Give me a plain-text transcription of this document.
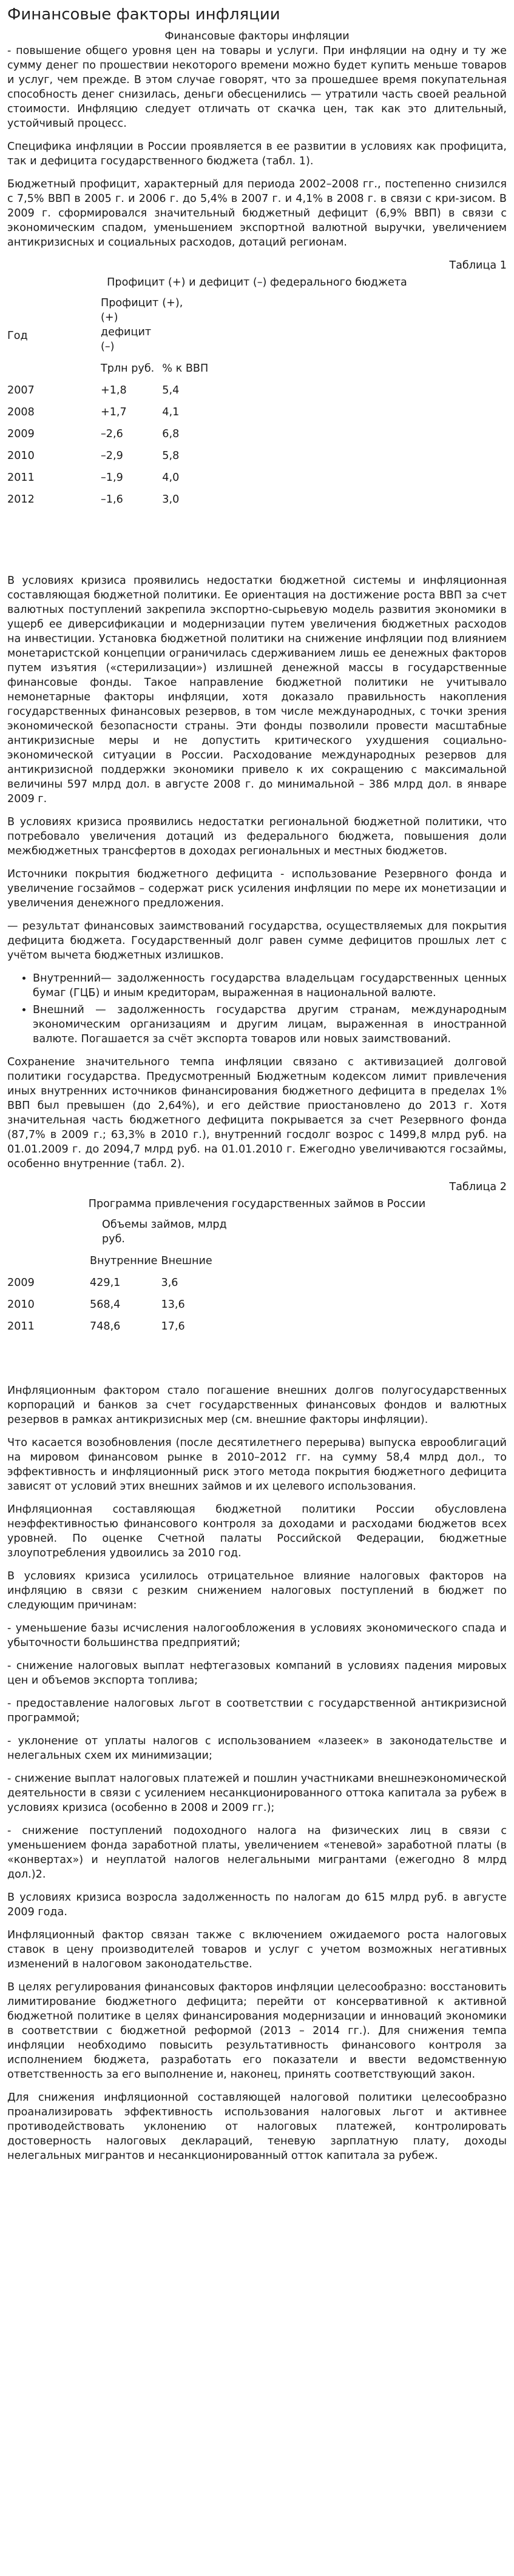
Финансовые факторы инфляции
Финансовые факторы инфляции

- повышение общего уровня цен на товары и услуги. При инфляции на одну и ту же сумму денег по прошествии некоторого времени можно будет купить меньше товаров и услуг, чем прежде. В этом случае говорят, что за прошедшее время покупательная способность денег снизилась, деньги обесценились — утратили часть своей реальной стоимости. Инфляцию следует отличать от скачка цен, так как это длительный, устойчивый процесс.

Специфика инфляции в России проявляется в ее развитии в условиях как профицита, так и дефицита государственного бюджета (табл. 1).

Бюджетный профицит, характерный для периода 2002–2008 гг., постепенно снизился с 7,5% ВВП в 2005 г. и 2006 г. до 5,4% в 2007 г. и 4,1% в 2008 г. в связи с кри-зисом. В 2009 г. сформировался значительный бюджетный дефицит (6,9% ВВП) в связи с экономическим спадом, уменьшением экспортной валютной выручки, увеличением антикризисных и социальных расходов, дотаций регионам.

Таблица 1
Профицит (+) и дефицит (–) федерального бюджета
Год	Профицит (+) дефицит (–)	(+),
	Трлн руб.	% к ВВП
2007	+1,8	5,4
2008	+1,7	4,1
2009	–2,6	6,8
2010	–2,9	5,8
2011	–1,9	4,0
2012	–1,6	3,0

В условиях кризиса проявились недостатки бюджетной системы и инфляционная составляющая бюджетной политики. Ее ориентация на достижение роста ВВП за счет валютных поступлений закрепила экспортно-сырьевую модель развития экономики в ущерб ее диверсификации и модернизации путем увеличения бюджетных расходов на инвестиции. Установка бюджетной политики на снижение инфляции под влиянием монетаристской концепции ограничилась сдерживанием лишь ее денежных факторов путем изъятия («стерилизации») излишней денежной массы в государственные финансовые фонды. Такое направление бюджетной политики не учитывало немонетарные факторы инфляции, хотя доказало правильность накопления государственных финансовых резервов, в том числе международных, с точки зрения экономической безопасности страны. Эти фонды позволили провести масштабные антикризисные меры и не допустить критического ухудшения социально-экономической ситуации в России. Расходование международных резервов для антикризисной поддержки экономики привело к их сокращению с максимальной величины 597 млрд дол. в августе 2008 г. до минимальной – 386 млрд дол. в январе 2009 г.

В условиях кризиса проявились недостатки региональной бюджетной политики, что потребовало увеличения дотаций из федерального бюджета, повышения доли межбюджетных трансфертов в доходах региональных и местных бюджетов.

Источники покрытия бюджетного дефицита - использование Резервного фонда и увеличение госзаймов – содержат риск усиления инфляции по мере их монетизации и увеличения денежного предложения.

— результат финансовых заимствований государства, осуществляемых для покрытия дефицита бюджета. Государственный долг равен сумме дефицитов прошлых лет с учётом вычета бюджетных излишков.

• Внутренний— задолженность государства владельцам государственных ценных бумаг (ГЦБ) и иным кредиторам, выраженная в национальной валюте.
• Внешний — задолженность государства другим странам, международным экономическим организациям и другим лицам, выраженная в иностранной валюте. Погашается за счёт экспорта товаров или новых заимствований.

Сохранение значительного темпа инфляции связано с активизацией долговой политики государства. Предусмотренный Бюджетным кодексом лимит привлечения иных внутренних источников финансирования бюджетного дефицита в пределах 1% ВВП был превышен (до 2,64%), и его действие приостановлено до 2013 г. Хотя значительная часть бюджетного дефицита покрывается за счет Резервного фонда (87,7% в 2009 г.; 63,3% в 2010 г.), внутренний госдолг возрос с 1499,8 млрд руб. на 01.01.2009 г. до 2094,7 млрд руб. на 01.01.2010 г. Ежегодно увеличиваются госзаймы, особенно внутренние (табл. 2).

Таблица 2
Программа привлечения государственных займов в России
	Объемы займов, млрд руб.	
	Внутренние	Внешние
2009	429,1	3,6
2010	568,4	13,6
2011	748,6	17,6

Инфляционным фактором стало погашение внешних долгов полугосударственных корпораций и банков за счет государственных финансовых фондов и валютных резервов в рамках антикризисных мер (см. внешние факторы инфляции).

Что касается возобновления (после десятилетнего перерыва) выпуска еврооблигаций на мировом финансовом рынке в 2010–2012 гг. на сумму 58,4 млрд дол., то эффективность и инфляционный риск этого метода покрытия бюджетного дефицита зависят от условий этих внешних займов и их целевого использования.

Инфляционная составляющая бюджетной политики России обусловлена неэффективностью финансового контроля за доходами и расходами бюджетов всех уровней. По оценке Счетной палаты Российской Федерации, бюджетные злоупотребления удвоились за 2010 год.

В условиях кризиса усилилось отрицательное влияние налоговых факторов на инфляцию в связи с резким снижением налоговых поступлений в бюджет по следующим причинам:

- уменьшение базы исчисления налогообложения в условиях экономического спада и убыточности большинства предприятий;

- снижение налоговых выплат нефтегазовых компаний в условиях падения мировых цен и объемов экспорта топлива;

- предоставление налоговых льгот в соответствии с государственной антикризисной программой;

- уклонение от уплаты налогов с использованием «лазеек» в законодательстве и нелегальных схем их минимизации;

- снижение выплат налоговых платежей и пошлин участниками внешнеэкономической деятельности в связи с усилением несанкционированного оттока капитала за рубеж в условиях кризиса (особенно в 2008 и 2009 гг.);

- снижение поступлений подоходного налога на физических лиц в связи с уменьшением фонда заработной платы, увеличением «теневой» заработной платы (в «конвертах») и неуплатой налогов нелегальными мигрантами (ежегодно 8 млрд дол.)2.

В условиях кризиса возросла задолженность по налогам до 615 млрд руб. в августе 2009 года.

Инфляционный фактор связан также с включением ожидаемого роста налоговых ставок в цену производителей товаров и услуг с учетом возможных негативных изменений в налоговом законодательстве.

В целях регулирования финансовых факторов инфляции целесообразно: восстановить лимитирование бюджетного дефицита; перейти от консервативной к активной бюджетной политике в целях финансирования модернизации и инноваций экономики в соответствии с бюджетной реформой (2013 – 2014 гг.). Для снижения темпа инфляции необходимо повысить результативность финансового контроля за исполнением бюджета, разработать его показатели и ввести ведомственную ответственность за его выполнение и, наконец, принять соответствующий закон.

Для снижения инфляционной составляющей налоговой политики целесообразно проанализировать эффективность использования налоговых льгот и активнее противодействовать уклонению от налоговых платежей, контролировать достоверность налоговых деклараций, теневую зарплатную плату, доходы нелегальных мигрантов и несанкционированный отток капитала за рубеж.
